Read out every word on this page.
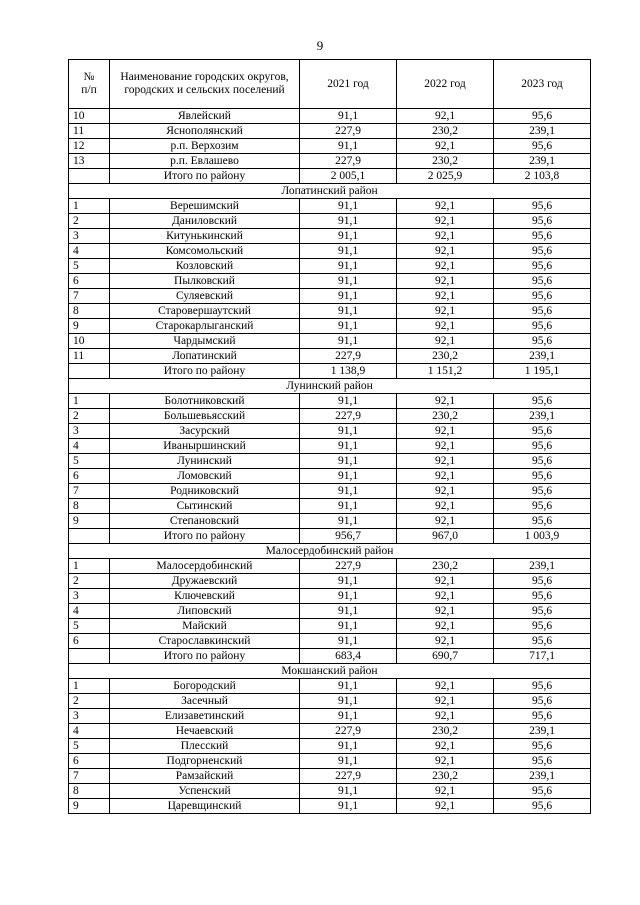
9
№
п/п	Наименование городских округов, городских и сельских поселений	2021 год	2022 год	2023 год
10	Явлейский	91,1	92,1	95,6
11	Яснополянский	227,9	230,2	239,1
12	р.п. Верхозим	91,1	92,1	95,6
13	р.п. Евлашево	227,9	230,2	239,1
	Итого по району	2 005,1	2 025,9	2 103,8
Лопатинский район				
1	Верешимский	91,1	92,1	95,6
2	Даниловский	91,1	92,1	95,6
3	Китунькинский	91,1	92,1	95,6
4	Комсомольский	91,1	92,1	95,6
5	Козловский	91,1	92,1	95,6
6	Пылковский	91,1	92,1	95,6
7	Суляевский	91,1	92,1	95,6
8	Старовершаутский	91,1	92,1	95,6
9	Старокарлыганский	91,1	92,1	95,6
10	Чардымский	91,1	92,1	95,6
11	Лопатинский	227,9	230,2	239,1
	Итого по району	1 138,9	1 151,2	1 195,1
Лунинский район				
1	Болотниковский	91,1	92,1	95,6
2	Большевьясский	227,9	230,2	239,1
3	Засурский	91,1	92,1	95,6
4	Иваныршинский	91,1	92,1	95,6
5	Лунинский	91,1	92,1	95,6
6	Ломовский	91,1	92,1	95,6
7	Родниковский	91,1	92,1	95,6
8	Сытинский	91,1	92,1	95,6
9	Степановский	91,1	92,1	95,6
	Итого по району	956,7	967,0	1 003,9
Малосердобинский район				
1	Малосердобинский	227,9	230,2	239,1
2	Дружаевский	91,1	92,1	95,6
3	Ключевский	91,1	92,1	95,6
4	Липовский	91,1	92,1	95,6
5	Майский	91,1	92,1	95,6
6	Старославкинский	91,1	92,1	95,6
	Итого по району	683,4	690,7	717,1
Мокшанский район				
1	Богородский	91,1	92,1	95,6
2	Засечный	91,1	92,1	95,6
3	Елизаветинский	91,1	92,1	95,6
4	Нечаевский	227,9	230,2	239,1
5	Плесский	91,1	92,1	95,6
6	Подгорненский	91,1	92,1	95,6
7	Рамзайский	227,9	230,2	239,1
8	Успенский	91,1	92,1	95,6
9	Царевщинский	91,1	92,1	95,6
